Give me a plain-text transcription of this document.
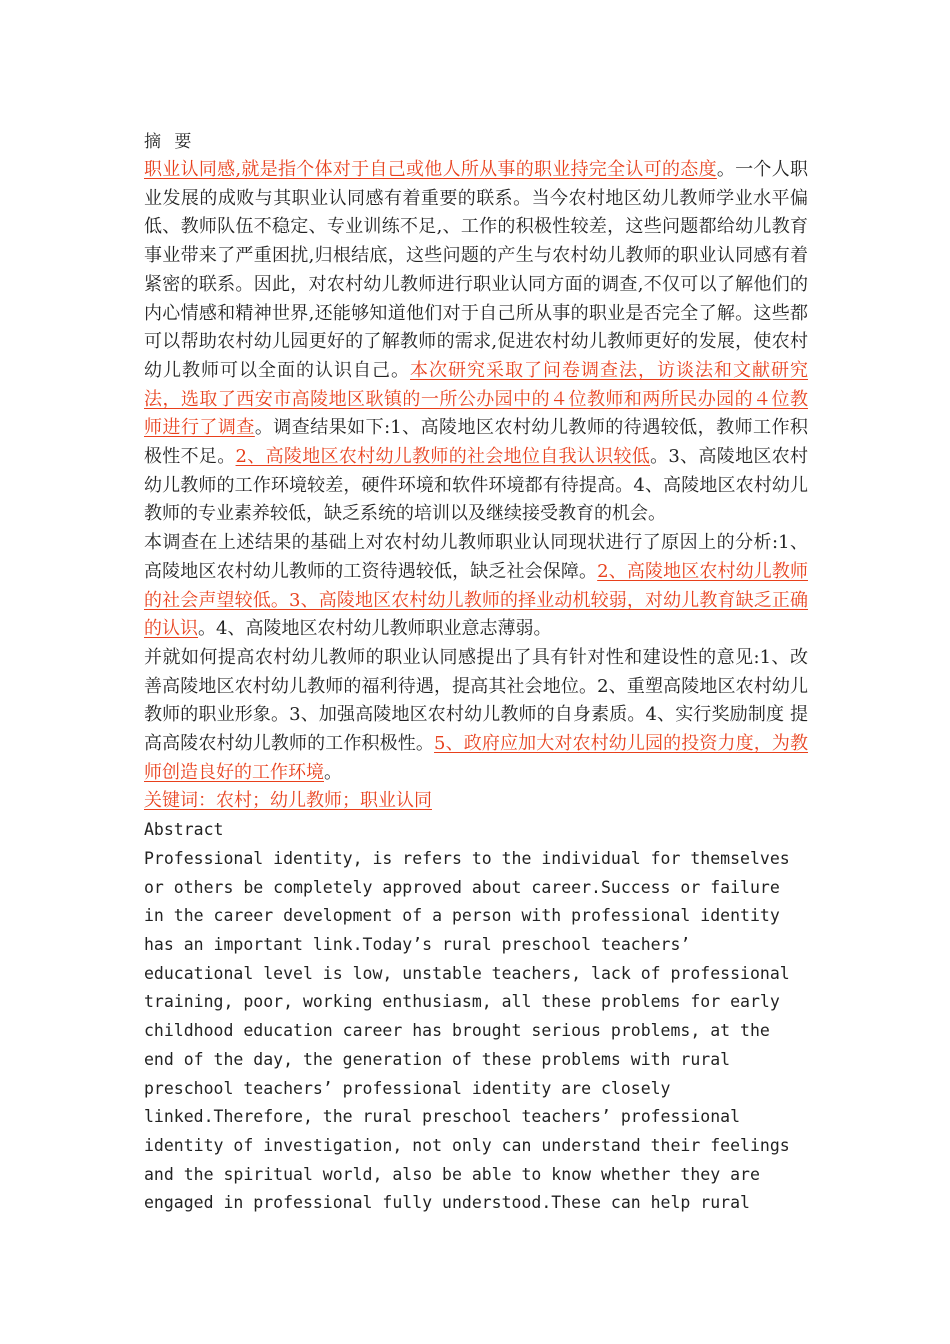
摘 要

职业认同感,就是指个体对于自己或他人所从事的职业持完全认可的态度。一个人职业发展的成败与其职业认同感有着重要的联系。当今农村地区幼儿教师学业水平偏低、教师队伍不稳定、专业训练不足,、工作的积极性较差，这些问题都给幼儿教育事业带来了严重困扰,归根结底，这些问题的产生与农村幼儿教师的职业认同感有着紧密的联系。因此，对农村幼儿教师进行职业认同方面的调查,不仅可以了解他们的内心情感和精神世界,还能够知道他们对于自己所从事的职业是否完全了解。这些都可以帮助农村幼儿园更好的了解教师的需求,促进农村幼儿教师更好的发展，使农村幼儿教师可以全面的认识自己。本次研究采取了问卷调查法，访谈法和文献研究法，选取了西安市高陵地区耿镇的一所公办园中的４位教师和两所民办园的４位教师进行了调查。调查结果如下:1、高陵地区农村幼儿教师的待遇较低，教师工作积极性不足。2、高陵地区农村幼儿教师的社会地位自我认识较低。3、高陵地区农村幼儿教师的工作环境较差，硬件环境和软件环境都有待提高。4、高陵地区农村幼儿教师的专业素养较低，缺乏系统的培训以及继续接受教育的机会。

本调查在上述结果的基础上对农村幼儿教师职业认同现状进行了原因上的分析:1、高陵地区农村幼儿教师的工资待遇较低，缺乏社会保障。2、高陵地区农村幼儿教师的社会声望较低。3、高陵地区农村幼儿教师的择业动机较弱，对幼儿教育缺乏正确的认识。4、高陵地区农村幼儿教师职业意志薄弱。

并就如何提高农村幼儿教师的职业认同感提出了具有针对性和建设性的意见:1、改善高陵地区农村幼儿教师的福利待遇，提高其社会地位。2、重塑高陵地区农村幼儿教师的职业形象。3、加强高陵地区农村幼儿教师的自身素质。4、实行奖励制度 提高高陵农村幼儿教师的工作积极性。5、政府应加大对农村幼儿园的投资力度，为教师创造良好的工作环境。

关键词：农村；幼儿教师；职业认同

Abstract

Professional identity, is refers to the individual for themselves or others be completely approved about career.Success or failure in the career development of a person with professional identity has an important link.Today’s rural preschool teachers’ educational level is low, unstable teachers, lack of professional training, poor, working enthusiasm, all these problems for early childhood education career has brought serious problems, at the end of the day, the generation of these problems with rural preschool teachers’ professional identity are closely linked.Therefore, the rural preschool teachers’ professional identity of investigation, not only can understand their feelings and the spiritual world, also be able to know whether they are engaged in professional fully understood.These can help rural
